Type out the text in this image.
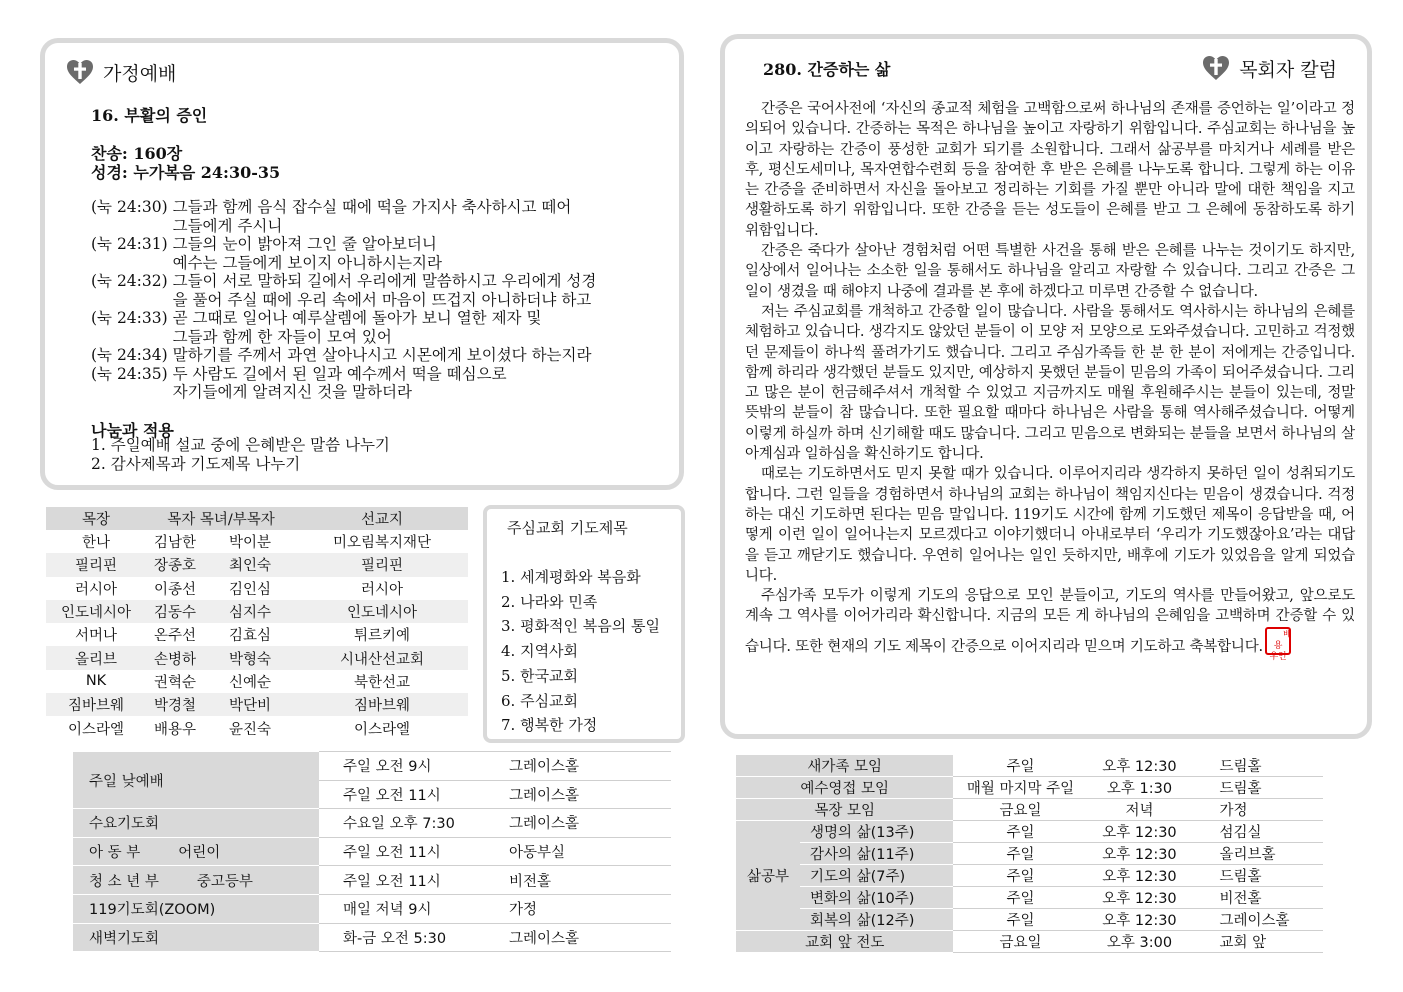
가정예배
16. 부활의 증인
찬송: 160장
성경: 누가복음 24:30-35
(눅 24:30) 그들과 함께 음식 잡수실 때에 떡을 가지사 축사하시고 떼어
그들에게 주시니
(눅 24:31) 그들의 눈이 밝아져 그인 줄 알아보더니
예수는 그들에게 보이지 아니하시는지라
(눅 24:32) 그들이 서로 말하되 길에서 우리에게 말씀하시고 우리에게 성경
을 풀어 주실 때에 우리 속에서 마음이 뜨겁지 아니하더냐 하고
(눅 24:33) 곧 그때로 일어나 예루살렘에 돌아가 보니 열한 제자 및
그들과 함께 한 자들이 모여 있어
(눅 24:34) 말하기를 주께서 과연 살아나시고 시몬에게 보이셨다 하는지라
(눅 24:35) 두 사람도 길에서 된 일과 예수께서 떡을 떼심으로
자기들에게 알려지신 것을 말하더라
나눔과 적용
1. 주일예배 설교 중에 은혜받은 말씀 나누기
2. 감사제목과 기도제목 나누기
280. 간증하는 삶	목회자 칼럼

간증은 국어사전에 ‘자신의 종교적 체험을 고백함으로써 하나님의 존재를 증언하는 일’이라고 정의되어 있습니다. 간증하는 목적은 하나님을 높이고 자랑하기 위함입니다. 주심교회는 하나님을 높이고 자랑하는 간증이 풍성한 교회가 되기를 소원합니다. 그래서 삶공부를 마치거나 세례를 받은 후, 평신도세미나, 목자연합수련회 등을 참여한 후 받은 은혜를 나누도록 합니다. 그렇게 하는 이유는 간증을 준비하면서 자신을 돌아보고 정리하는 기회를 가질 뿐만 아니라 말에 대한 책임을 지고 생활하도록 하기 위함입니다. 또한 간증을 듣는 성도들이 은혜를 받고 그 은혜에 동참하도록 하기 위함입니다.

간증은 죽다가 살아난 경험처럼 어떤 특별한 사건을 통해 받은 은혜를 나누는 것이기도 하지만, 일상에서 일어나는 소소한 일을 통해서도 하나님을 알리고 자랑할 수 있습니다. 그리고 간증은 그 일이 생겼을 때 해야지 나중에 결과를 본 후에 하겠다고 미루면 간증할 수 없습니다.

저는 주심교회를 개척하고 간증할 일이 많습니다. 사람을 통해서도 역사하시는 하나님의 은혜를 체험하고 있습니다. 생각지도 않았던 분들이 이 모양 저 모양으로 도와주셨습니다. 고민하고 걱정했던 문제들이 하나씩 풀려가기도 했습니다. 그리고 주심가족들 한 분 한 분이 저에게는 간증입니다. 함께 하리라 생각했던 분들도 있지만, 예상하지 못했던 분들이 믿음의 가족이 되어주셨습니다. 그리고 많은 분이 헌금해주셔서 개척할 수 있었고 지금까지도 매월 후원해주시는 분들이 있는데, 정말 뜻밖의 분들이 참 많습니다. 또한 필요할 때마다 하나님은 사람을 통해 역사해주셨습니다. 어떻게 이렇게 하실까 하며 신기해할 때도 많습니다. 그리고 믿음으로 변화되는 분들을 보면서 하나님의 살아계심과 일하심을 확신하기도 합니다.

때로는 기도하면서도 믿지 못할 때가 있습니다. 이루어지리라 생각하지 못하던 일이 성취되기도 합니다. 그런 일들을 경험하면서 하나님의 교회는 하나님이 책임지신다는 믿음이 생겼습니다. 걱정하는 대신 기도하면 된다는 믿음 말입니다. 119기도 시간에 함께 기도했던 제목이 응답받을 때, 어떻게 이런 일이 일어나는지 모르겠다고 이야기했더니 아내로부터 ‘우리가 기도했잖아요’라는 대답을 듣고 깨닫기도 했습니다. 우연히 일어나는 일인 듯하지만, 배후에 기도가 있었음을 알게 되었습니다.

주심가족 모두가 이렇게 기도의 응답으로 모인 분들이고, 기도의 역사를 만들어왔고, 앞으로도 계속 그 역사를 이어가리라 확신합니다. 지금의 모든 게 하나님의 은혜임을 고백하며 간증할 수 있습니다. 또한 현재의 기도 제목이 간증으로 이어지리라 믿으며 기도하고 축복합니다.배용
우인

목장	목자 목녀/부목자		선교지
한나	김남한	박이분	미오림복지재단
필리핀	장종호	최인숙	필리핀
러시아	이종선	김인심	러시아
인도네시아	김동수	심지수	인도네시아
서머나	온주선	김효심	튀르키예
올리브	손병하	박형숙	시내산선교회
NK	권혁순	신예순	북한선교
짐바브웨	박경철	박단비	짐바브웨
이스라엘	배용우	윤진숙	이스라엘
주심교회 기도제목
1. 세계평화와 복음화
2. 나라와 민족
3. 평화적인 복음의 통일
4. 지역사회
5. 한국교회
6. 주심교회
7. 행복한 가정
주일 낮예배	주일 오전 9시	그레이스홀
	주일 오전 11시	그레이스홀
수요기도회	수요일 오후 7:30	그레이스홀
아 동 부 어린이	주일 오전 11시	아동부실
청 소 년 부 중고등부	주일 오전 11시	비전홀
119기도회(ZOOM)	매일 저녁 9시	가정
새벽기도회	화-금 오전 5:30	그레이스홀
새가족 모임		주일	오후 12:30	드림홀
예수영접 모임		매월 마지막 주일	오후 1:30	드림홀
목장 모임		금요일	저녁	가정
삶공부	생명의 삶(13주)	주일	오후 12:30	섬김실
	감사의 삶(11주)	주일	오후 12:30	올리브홀
	기도의 삶(7주)	주일	오후 12:30	드림홀
	변화의 삶(10주)	주일	오후 12:30	비전홀
	회복의 삶(12주)	주일	오후 12:30	그레이스홀
교회 앞 전도		금요일	오후 3:00	교회 앞
